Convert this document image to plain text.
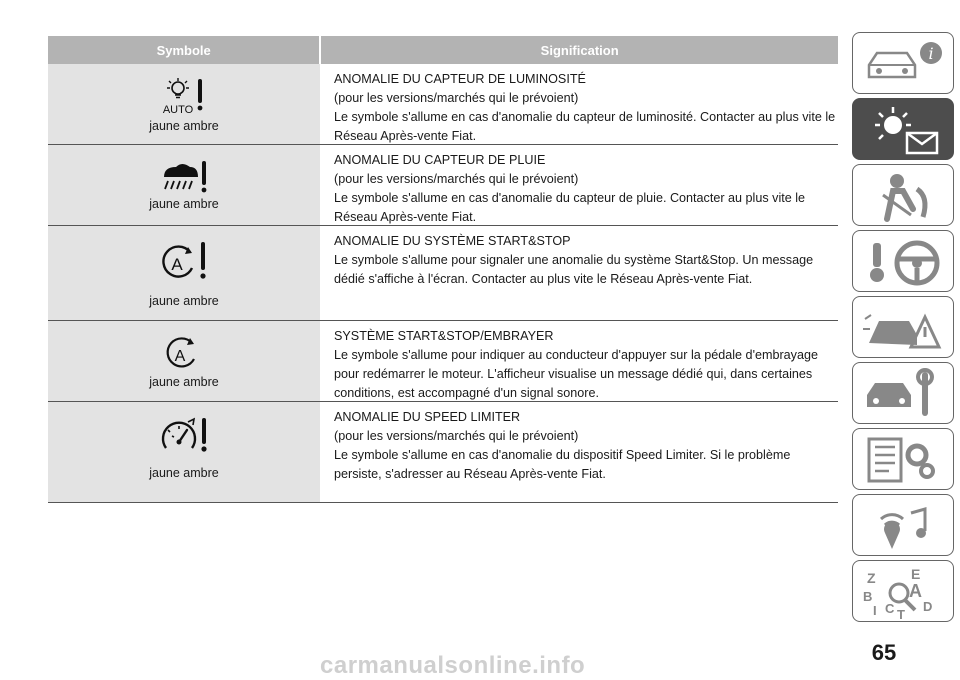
Symbole	Signification
AUTO
jaune ambre
ANOMALIE DU CAPTEUR DE LUMINOSITÉ
(pour les versions/marchés qui le prévoient)
Le symbole s'allume en cas d'anomalie du capteur de luminosité. Contacter au plus vite le
Réseau Après-vente Fiat.
jaune ambre
ANOMALIE DU CAPTEUR DE PLUIE
(pour les versions/marchés qui le prévoient)
Le symbole s'allume en cas d'anomalie du capteur de pluie. Contacter au plus vite le
Réseau Après-vente Fiat.
A
jaune ambre
ANOMALIE DU SYSTÈME START&STOP
Le symbole s'allume pour signaler une anomalie du système Start&Stop. Un message
dédié s'affiche à l'écran. Contacter au plus vite le Réseau Après-vente Fiat.
A
jaune ambre
SYSTÈME START&STOP/EMBRAYER
Le symbole s'allume pour indiquer au conducteur d'appuyer sur la pédale d'embrayage
pour redémarrer le moteur. L'afficheur visualise un message dédié qui, dans certaines
conditions, est accompagné d'un signal sonore.
jaune ambre
ANOMALIE DU SPEED LIMITER
(pour les versions/marchés qui le prévoient)
Le symbole s'allume en cas d'anomalie du dispositif Speed Limiter. Si le problème
persiste, s'adresser au Réseau Après-vente Fiat.
i
Z	E
A
B
C D
I T
65
carmanualsonline.info
